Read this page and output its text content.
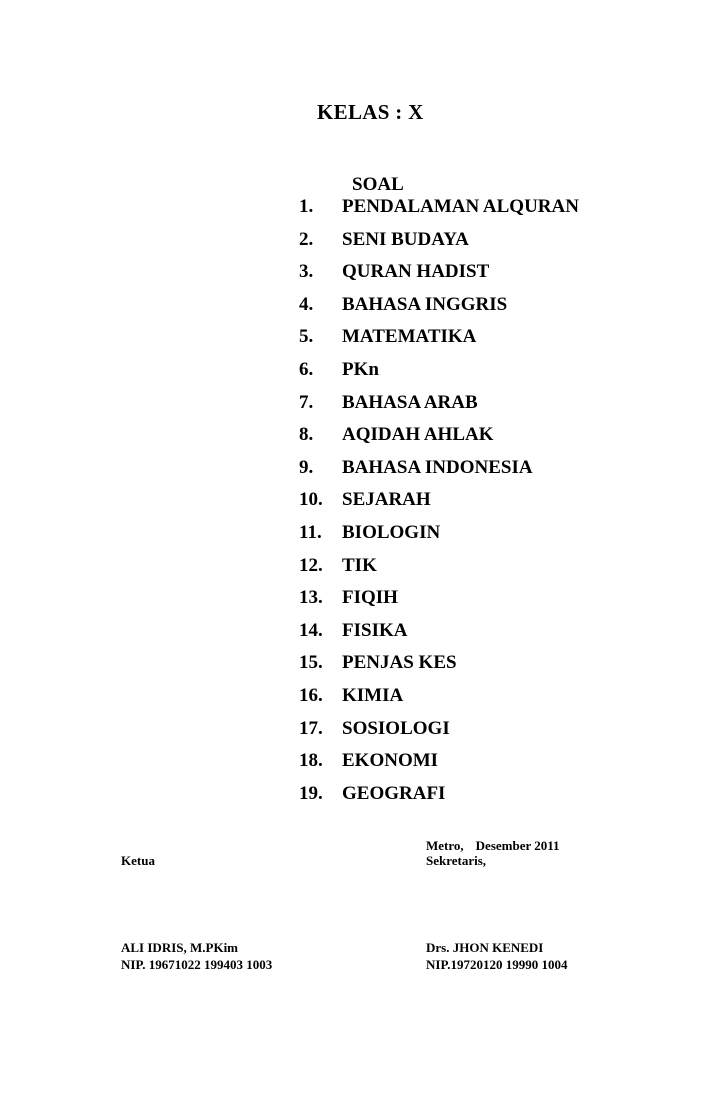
KELAS : X
SOAL
1. PENDALAMAN ALQURAN
2. SENI BUDAYA
3. QURAN HADIST
4. BAHASA INGGRIS
5. MATEMATIKA
6. PKn
7. BAHASA ARAB
8. AQIDAH AHLAK
9. BAHASA INDONESIA
10. SEJARAH
11. BIOLOGIN
12. TIK
13. FIQIH
14. FISIKA
15. PENJAS KES
16. KIMIA
17. SOSIOLOGI
18. EKONOMI
19. GEOGRAFI
Metro, Desember 2011
Ketua	Sekretaris,
ALI IDRIS, M.PKim
NIP. 19671022 199403 1003
Drs. JHON KENEDI
NIP.19720120 19990 1004
